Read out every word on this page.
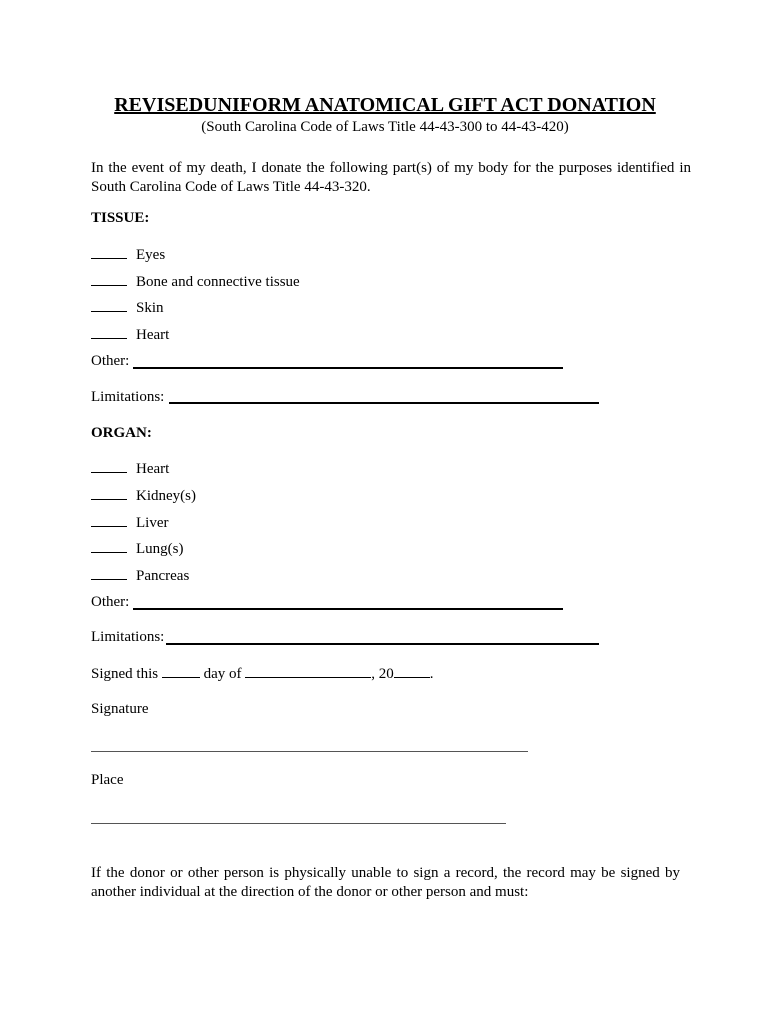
REVISEDUNIFORM ANATOMICAL GIFT ACT DONATION
(South Carolina Code of Laws Title 44-43-300 to 44-43-420)
In the event of my death, I donate the following part(s) of my body for the purposes identified in South Carolina Code of Laws Title 44-43-320.
TISSUE:
Eyes
Bone and connective tissue
Skin
Heart
Other:
Limitations:
ORGAN:
Heart
Kidney(s)
Liver
Lung(s)
Pancreas
Other:
Limitations:
Signed this	day of	, 20 .
Signature
Place
If the donor or other person is physically unable to sign a record, the record may be signed by another individual at the direction of the donor or other person and must:
